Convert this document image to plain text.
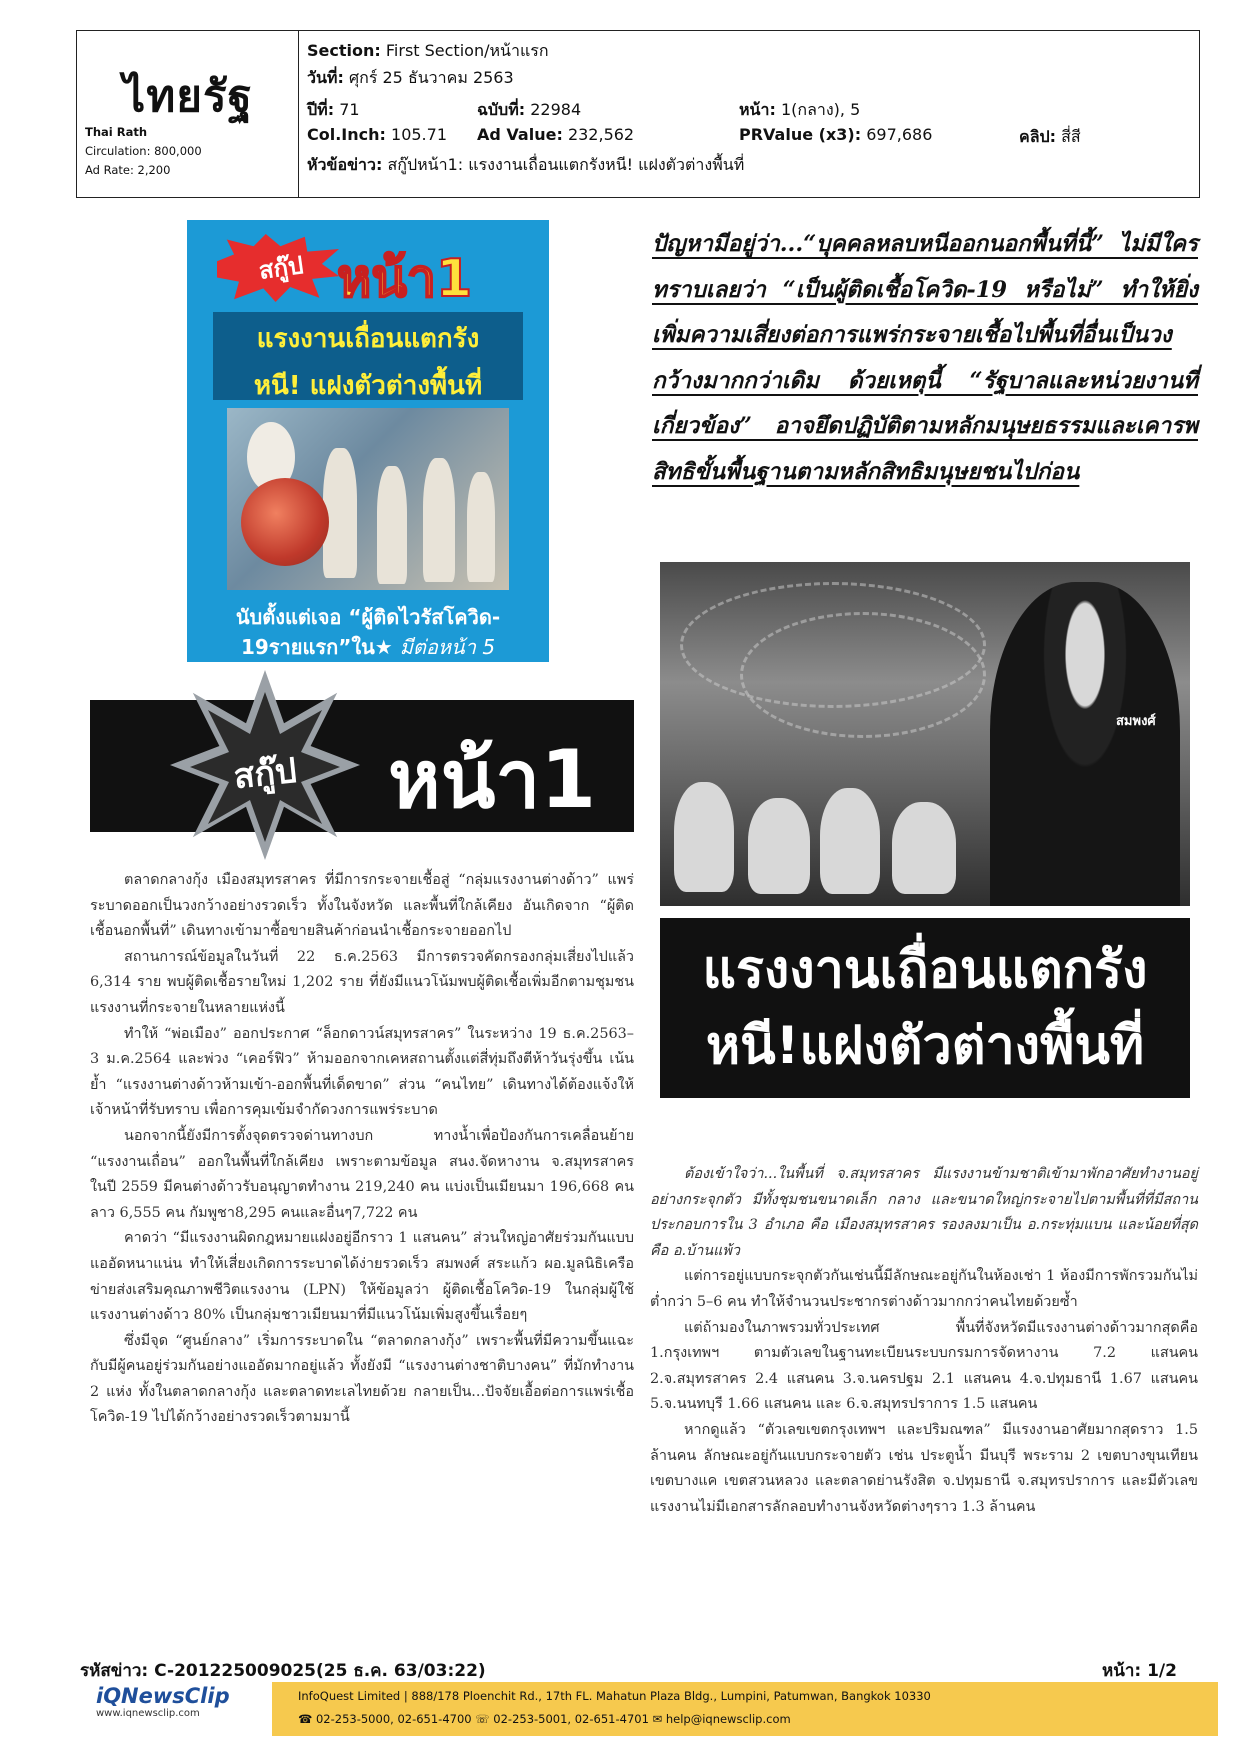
ไทยรัฐ
Thai Rath
Circulation: 800,000
Ad Rate: 2,200
Section: First Section/หน้าแรก
วันที่: ศุกร์ 25 ธันวาคม 2563
ปีที่: 71	ฉบับที่: 22984	หน้า: 1(กลาง), 5
Col.Inch: 105.71 Ad Value: 232,562	PRValue (x3): 697,686	คลิป: สี่สี
หัวข้อข่าว: สกู๊ปหน้า1: แรงงานเถื่อนแตกรังหนี! แฝงตัวต่างพื้นที่
สกู๊ป หน้า1
แรงงานเถื่อนแตกรัง
หนี! แฝงตัวต่างพื้นที่
นับตั้งแต่เจอ “ผู้ติดไวรัสโควิด-
19รายแรก”ใน★ มีต่อหน้า 5
สกู๊ป	หน้า1
ปัญหามีอยู่ว่า...“บุคคลหลบหนีออกนอกพื้นที่นี้” ไม่มีใครทราบเลยว่า “เป็นผู้ติดเชื้อโควิด-19 หรือไม่” ทำให้ยิ่งเพิ่มความเสี่ยงต่อการแพร่กระจายเชื้อไปพื้นที่อื่นเป็นวงกว้างมากกว่าเดิม ด้วยเหตุนี้ “รัฐบาลและหน่วยงานที่เกี่ยวข้อง” อาจยึดปฏิบัติตามหลักมนุษยธรรมและเคารพสิทธิขั้นพื้นฐานตามหลักสิทธิมนุษยชนไปก่อน
สมพงศ์
แรงงานเถื่อนแตกรัง
หนี!แฝงตัวต่างพื้นที่

ตลาดกลางกุ้ง เมืองสมุทรสาคร ที่มีการกระจายเชื้อสู่ “กลุ่มแรงงานต่างด้าว” แพร่ระบาดออกเป็นวงกว้างอย่างรวดเร็ว ทั้งในจังหวัด และพื้นที่ใกล้เคียง อันเกิดจาก “ผู้ติดเชื้อนอกพื้นที่” เดินทางเข้ามาซื้อขายสินค้าก่อนนำเชื้อกระจายออกไป

สถานการณ์ข้อมูลในวันที่ 22 ธ.ค.2563 มีการตรวจคัดกรองกลุ่มเสี่ยงไปแล้ว 6,314 ราย พบผู้ติดเชื้อรายใหม่ 1,202 ราย ที่ยังมีแนวโน้มพบผู้ติดเชื้อเพิ่มอีกตามชุมชนแรงงานที่กระจายในหลายแห่งนี้

ทำให้ “พ่อเมือง” ออกประกาศ “ล็อกดาวน์สมุทรสาคร” ในระหว่าง 19 ธ.ค.2563–3 ม.ค.2564 และพ่วง “เคอร์ฟิว” ห้ามออกจากเคหสถานตั้งแต่สี่ทุ่มถึงตีห้าวันรุ่งขึ้น เน้นย้ำ “แรงงานต่างด้าวห้ามเข้า-ออกพื้นที่เด็ดขาด” ส่วน “คนไทย” เดินทางได้ต้องแจ้งให้เจ้าหน้าที่รับทราบ เพื่อการคุมเข้มจำกัดวงการแพร่ระบาด

นอกจากนี้ยังมีการตั้งจุดตรวจด่านทางบก ทางน้ำเพื่อป้องกันการเคลื่อนย้าย “แรงงานเถื่อน” ออกในพื้นที่ใกล้เคียง เพราะตามข้อมูล สนง.จัดหางาน จ.สมุทรสาคร ในปี 2559 มีคนต่างด้าวรับอนุญาตทำงาน 219,240 คน แบ่งเป็นเมียนมา 196,668 คน ลาว 6,555 คน กัมพูชา8,295 คนและอื่นๆ7,722 คน

คาดว่า “มีแรงงานผิดกฎหมายแฝงอยู่อีกราว 1 แสนคน” ส่วนใหญ่อาศัยร่วมกันแบบแออัดหนาแน่น ทำให้เสี่ยงเกิดการระบาดได้ง่ายรวดเร็ว สมพงศ์ สระแก้ว ผอ.มูลนิธิเครือข่ายส่งเสริมคุณภาพชีวิตแรงงาน (LPN) ให้ข้อมูลว่า ผู้ติดเชื้อโควิด-19 ในกลุ่มผู้ใช้แรงงานต่างด้าว 80% เป็นกลุ่มชาวเมียนมาที่มีแนวโน้มเพิ่มสูงขึ้นเรื่อยๆ

ซึ่งมีจุด “ศูนย์กลาง” เริ่มการระบาดใน “ตลาดกลางกุ้ง” เพราะพื้นที่มีความขึ้นแฉะกับมีผู้คนอยู่ร่วมกันอย่างแออัดมากอยู่แล้ว ทั้งยังมี “แรงงานต่างชาติบางคน” ที่มักทำงาน 2 แห่ง ทั้งในตลาดกลางกุ้ง และตลาดทะเลไทยด้วย กลายเป็น...ปัจจัยเอื้อต่อการแพร่เชื้อโควิด-19 ไปได้กว้างอย่างรวดเร็วตามมานี้

ต้องเข้าใจว่า...ในพื้นที่ จ.สมุทรสาคร มีแรงงานข้ามชาติเข้ามาพักอาศัยทำงานอยู่อย่างกระจุกตัว มีทั้งชุมชนขนาดเล็ก กลาง และขนาดใหญ่กระจายไปตามพื้นที่ที่มีสถานประกอบการใน 3 อำเภอ คือ เมืองสมุทรสาคร รองลงมาเป็น อ.กระทุ่มแบน และน้อยที่สุด คือ อ.บ้านแพ้ว

แต่การอยู่แบบกระจุกตัวกันเช่นนี้มีลักษณะอยู่กันในห้องเช่า 1 ห้องมีการพักรวมกันไม่ต่ำกว่า 5–6 คน ทำให้จำนวนประชากรต่างด้าวมากกว่าคนไทยด้วยซ้ำ

แต่ถ้ามองในภาพรวมทั่วประเทศ พื้นที่จังหวัดมีแรงงานต่างด้าวมากสุดคือ 1.กรุงเทพฯ ตามตัวเลขในฐานทะเบียนระบบกรมการจัดหางาน 7.2 แสนคน 2.จ.สมุทรสาคร 2.4 แสนคน 3.จ.นครปฐม 2.1 แสนคน 4.จ.ปทุมธานี 1.67 แสนคน 5.จ.นนทบุรี 1.66 แสนคน และ 6.จ.สมุทรปราการ 1.5 แสนคน

หากดูแล้ว “ตัวเลขเขตกรุงเทพฯ และปริมณฑล” มีแรงงานอาศัยมากสุดราว 1.5 ล้านคน ลักษณะอยู่กันแบบกระจายตัว เช่น ประตูน้ำ มีนบุรี พระราม 2 เขตบางขุนเทียน เขตบางแค เขตสวนหลวง และตลาดย่านรังสิต จ.ปทุมธานี จ.สมุทรปราการ และมีตัวเลขแรงงานไม่มีเอกสารลักลอบทำงานจังหวัดต่างๆราว 1.3 ล้านคน

รหัสข่าว: C-201225009025(25 ธ.ค. 63/03:22)	หน้า: 1/2
iQNewsClip
www.iqnewsclip.com
InfoQuest Limited | 888/178 Ploenchit Rd., 17th FL. Mahatun Plaza Bldg., Lumpini, Patumwan, Bangkok 10330
☎ 02-253-5000, 02-651-4700 ☏ 02-253-5001, 02-651-4701 ✉ help@iqnewsclip.com
